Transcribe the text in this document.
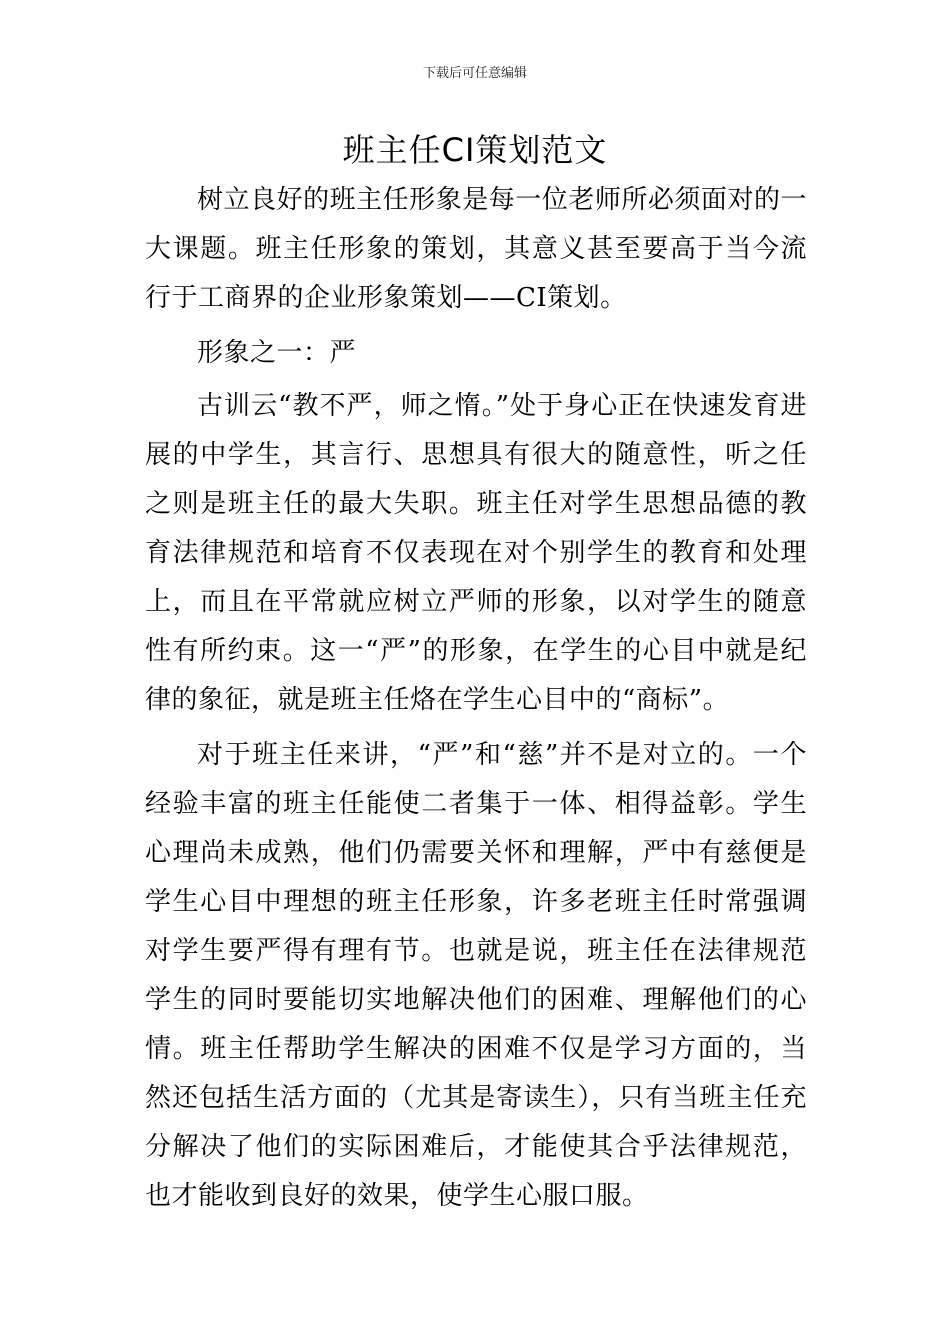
下载后可任意编辑
班主任CI策划范文

树立良好的班主任形象是每一位老师所必须面对的一大课题。班主任形象的策划，其意义甚至要高于当今流行于工商界的企业形象策划——CI策划。

形象之一：严

古训云“教不严，师之惰。”处于身心正在快速发育进展的中学生，其言行、思想具有很大的随意性，听之任之则是班主任的最大失职。班主任对学生思想品德的教育法律规范和培育不仅表现在对个别学生的教育和处理上，而且在平常就应树立严师的形象，以对学生的随意性有所约束。这一“严”的形象，在学生的心目中就是纪律的象征，就是班主任烙在学生心目中的“商标”。

对于班主任来讲，“严”和“慈”并不是对立的。一个经验丰富的班主任能使二者集于一体、相得益彰。学生心理尚未成熟，他们仍需要关怀和理解，严中有慈便是学生心目中理想的班主任形象，许多老班主任时常强调对学生要严得有理有节。也就是说，班主任在法律规范学生的同时要能切实地解决他们的困难、理解他们的心情。班主任帮助学生解决的困难不仅是学习方面的，当然还包括生活方面的（尤其是寄读生），只有当班主任充分解决了他们的实际困难后，才能使其合乎法律规范，也才能收到良好的效果，使学生心服口服。
